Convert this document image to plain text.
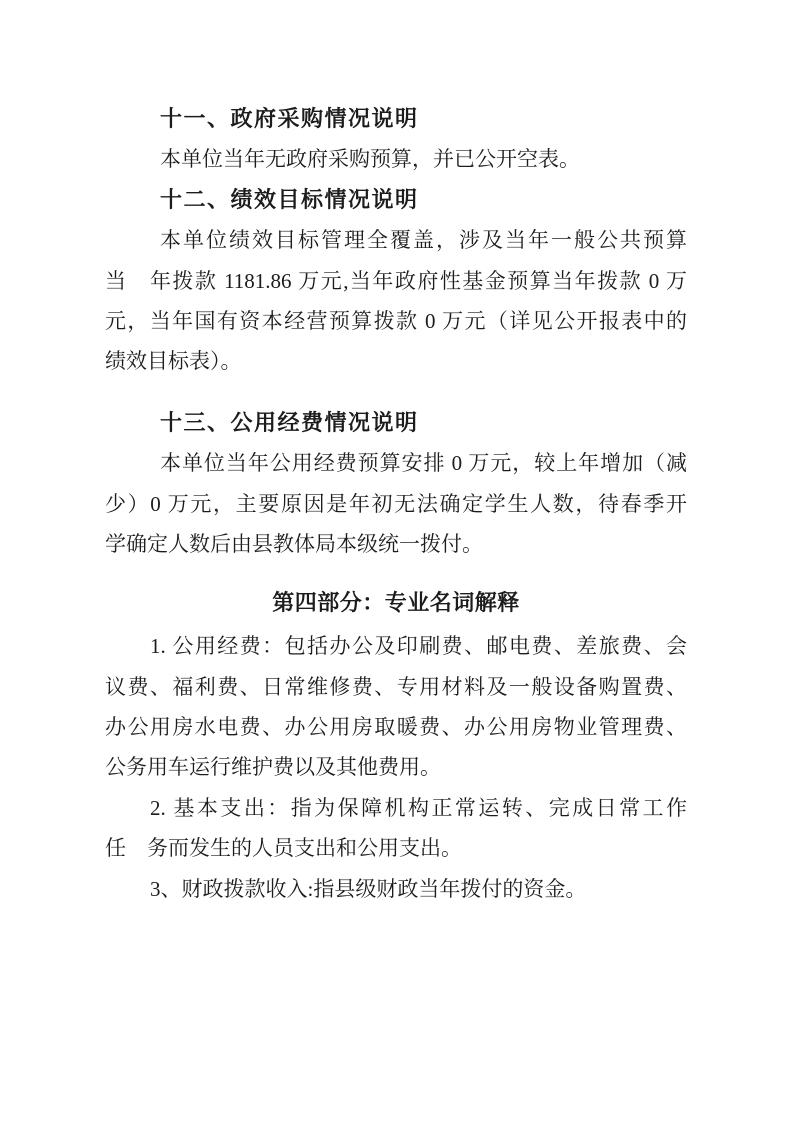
十一、政府采购情况说明
本单位当年无政府采购预算，并已公开空表。
十二、绩效目标情况说明
本单位绩效目标管理全覆盖，涉及当年一般公共预算
当　年拨款 1181.86 万元,当年政府性基金预算当年拨款 0 万
元，当年国有资本经营预算拨款 0 万元（详见公开报表中的
绩效目标表）。
十三、公用经费情况说明
本单位当年公用经费预算安排 0 万元，较上年增加（减
少）0 万元，主要原因是年初无法确定学生人数，待春季开
学确定人数后由县教体局本级统一拨付。
第四部分：专业名词解释
1. 公用经费：包括办公及印刷费、邮电费、差旅费、会
议费、福利费、日常维修费、专用材料及一般设备购置费、
办公用房水电费、办公用房取暖费、办公用房物业管理费、
公务用车运行维护费以及其他费用。
2. 基本支出：指为保障机构正常运转、完成日常工作
任　务而发生的人员支出和公用支出。
3、财政拨款收入:指县级财政当年拨付的资金。
